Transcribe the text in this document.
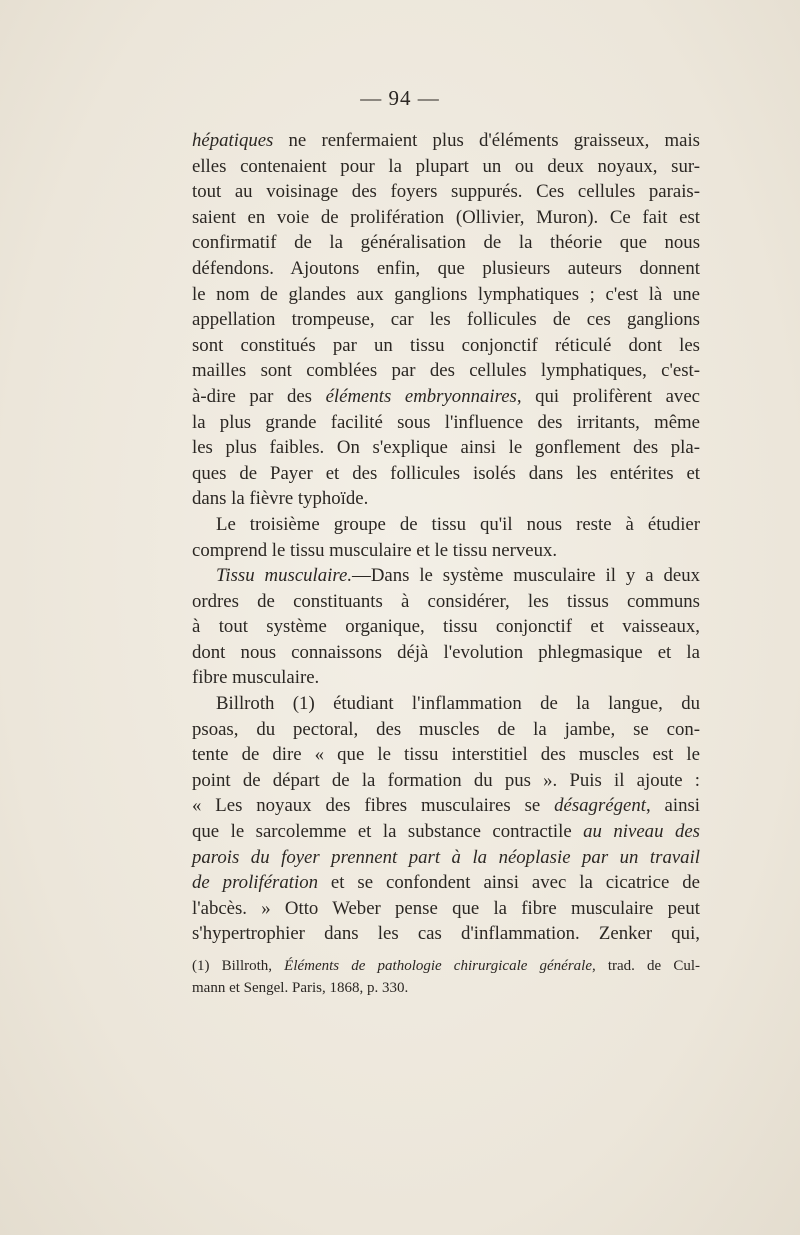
— 94 —
hépatiques ne renfermaient plus d'éléments graisseux, mais
elles contenaient pour la plupart un ou deux noyaux, sur-
tout au voisinage des foyers suppurés. Ces cellules parais-
saient en voie de prolifération (Ollivier, Muron). Ce fait est
confirmatif de la généralisation de la théorie que nous
défendons. Ajoutons enfin, que plusieurs auteurs donnent
le nom de glandes aux ganglions lymphatiques ; c'est là une
appellation trompeuse, car les follicules de ces ganglions
sont constitués par un tissu conjonctif réticulé dont les
mailles sont comblées par des cellules lymphatiques, c'est-
à-dire par des éléments embryonnaires, qui prolifèrent avec
la plus grande facilité sous l'influence des irritants, même
les plus faibles. On s'explique ainsi le gonflement des pla-
ques de Payer et des follicules isolés dans les entérites et
dans la fièvre typhoïde.
Le troisième groupe de tissu qu'il nous reste à étudier
comprend le tissu musculaire et le tissu nerveux.
Tissu musculaire.—Dans le système musculaire il y a deux
ordres de constituants à considérer, les tissus communs
à tout système organique, tissu conjonctif et vaisseaux,
dont nous connaissons déjà l'evolution phlegmasique et la
fibre musculaire.
Billroth (1) étudiant l'inflammation de la langue, du
psoas, du pectoral, des muscles de la jambe, se con-
tente de dire « que le tissu interstitiel des muscles est le
point de départ de la formation du pus ». Puis il ajoute :
« Les noyaux des fibres musculaires se désagrégent, ainsi
que le sarcolemme et la substance contractile au niveau des
parois du foyer prennent part à la néoplasie par un travail
de prolifération et se confondent ainsi avec la cicatrice de
l'abcès. » Otto Weber pense que la fibre musculaire peut
s'hypertrophier dans les cas d'inflammation. Zenker qui,
(1) Billroth, Éléments de pathologie chirurgicale générale, trad. de Cul-
mann et Sengel. Paris, 1868, p. 330.
